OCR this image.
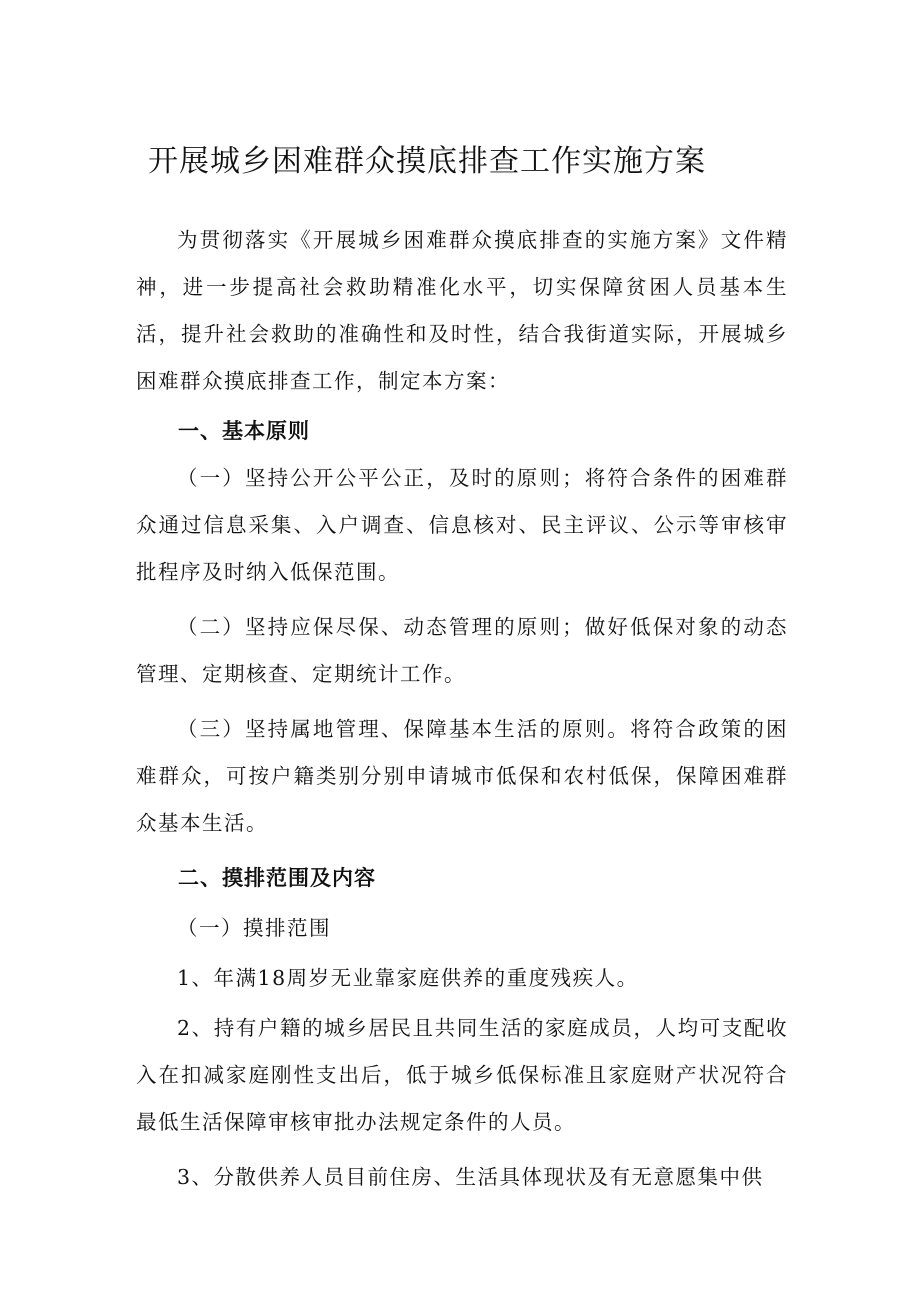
开展城乡困难群众摸底排查工作实施方案

为贯彻落实《开展城乡困难群众摸底排查的实施方案》文件精神，进一步提高社会救助精准化水平，切实保障贫困人员基本生活，提升社会救助的准确性和及时性，结合我街道实际，开展城乡困难群众摸底排查工作，制定本方案：

一、基本原则

（一）坚持公开公平公正，及时的原则；将符合条件的困难群众通过信息采集、入户调查、信息核对、民主评议、公示等审核审批程序及时纳入低保范围。

（二）坚持应保尽保、动态管理的原则；做好低保对象的动态管理、定期核查、定期统计工作。

（三）坚持属地管理、保障基本生活的原则。将符合政策的困难群众，可按户籍类别分别申请城市低保和农村低保，保障困难群众基本生活。

二、摸排范围及内容

（一）摸排范围

1、年满18周岁无业靠家庭供养的重度残疾人。

2、持有户籍的城乡居民且共同生活的家庭成员，人均可支配收入在扣减家庭刚性支出后，低于城乡低保标准且家庭财产状况符合最低生活保障审核审批办法规定条件的人员。

3、分散供养人员目前住房、生活具体现状及有无意愿集中供
